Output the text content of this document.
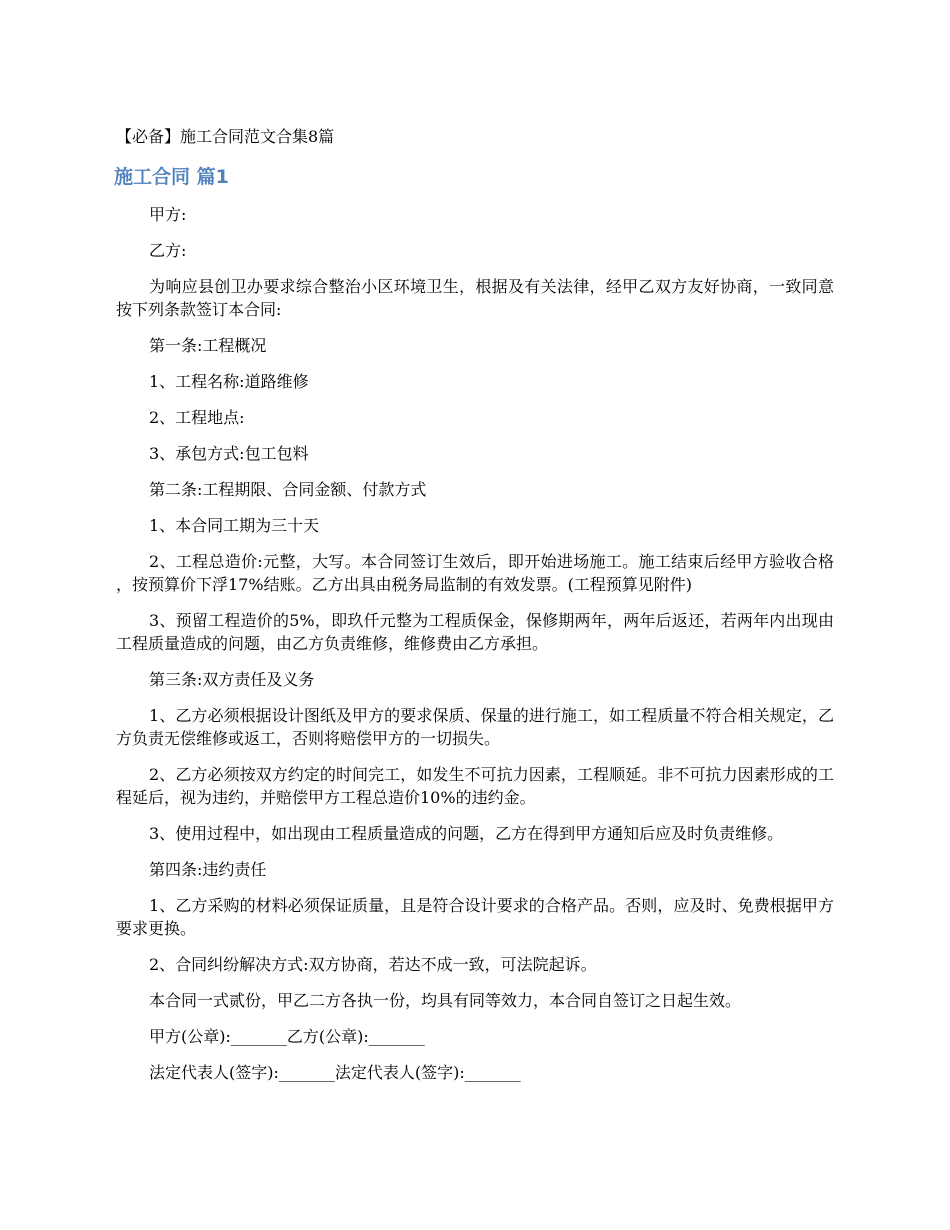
【必备】施工合同范文合集8篇
施工合同 篇1

甲方:

乙方:

为响应县创卫办要求综合整治小区环境卫生，根据及有关法律，经甲乙双方友好协商，一致同意按下列条款签订本合同:

第一条:工程概况

1、工程名称:道路维修

2、工程地点:

3、承包方式:包工包料

第二条:工程期限、合同金额、付款方式

1、本合同工期为三十天

2、工程总造价:元整，大写。本合同签订生效后，即开始进场施工。施工结束后经甲方验收合格，按预算价下浮17%结账。乙方出具由税务局监制的有效发票。(工程预算见附件)

3、预留工程造价的5%，即玖仟元整为工程质保金，保修期两年，两年后返还，若两年内出现由工程质量造成的问题，由乙方负责维修，维修费由乙方承担。

第三条:双方责任及义务

1、乙方必须根据设计图纸及甲方的要求保质、保量的进行施工，如工程质量不符合相关规定，乙方负责无偿维修或返工，否则将赔偿甲方的一切损失。

2、乙方必须按双方约定的时间完工，如发生不可抗力因素，工程顺延。非不可抗力因素形成的工程延后，视为违约，并赔偿甲方工程总造价10%的违约金。

3、使用过程中，如出现由工程质量造成的问题，乙方在得到甲方通知后应及时负责维修。

第四条:违约责任

1、乙方采购的材料必须保证质量，且是符合设计要求的合格产品。否则，应及时、免费根据甲方要求更换。

2、合同纠纷解决方式:双方协商，若达不成一致，可法院起诉。

本合同一式贰份，甲乙二方各执一份，均具有同等效力，本合同自签订之日起生效。

甲方(公章):_______乙方(公章):_______

法定代表人(签字):_______法定代表人(签字):_______
